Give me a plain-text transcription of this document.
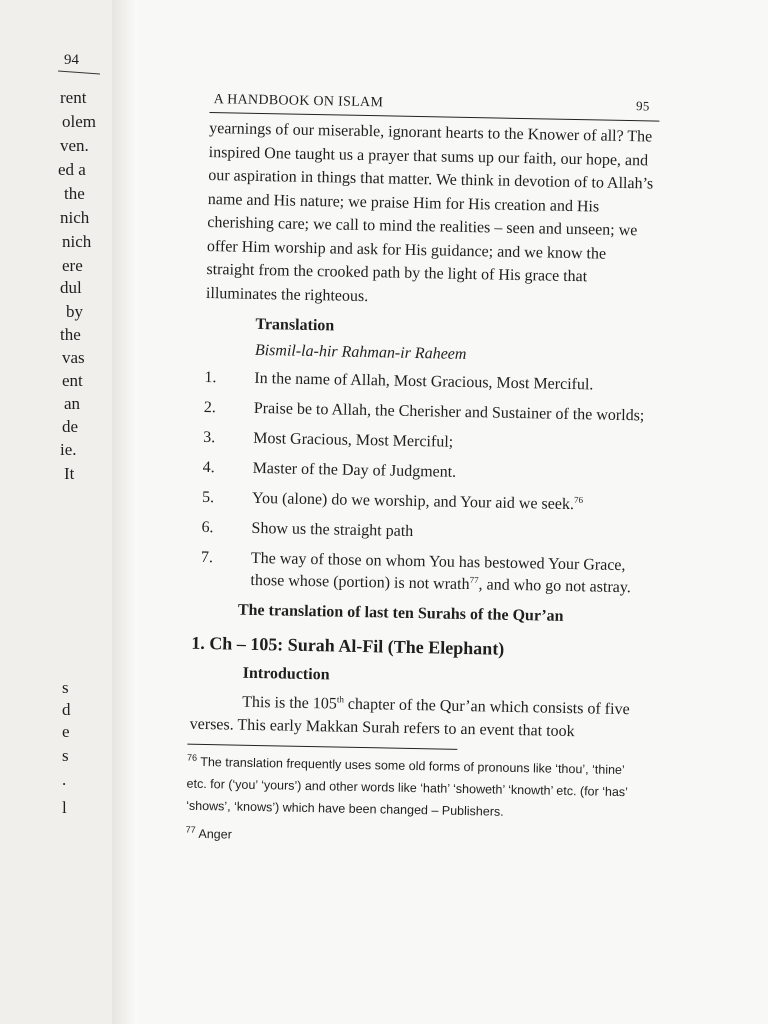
94
rent
olem
ven.
ed a
the
nich
nich
ere
dul
by
the
vas
ent
an
de
ie.
It
s
d
e
s
.
l
A HANDBOOK ON ISLAM	95

yearnings of our miserable, ignorant hearts to the Knower of all? The inspired One taught us a prayer that sums up our faith, our hope, and our aspiration in things that matter. We think in devotion of to Allah’s name and His nature; we praise Him for His creation and His cherishing care; we call to mind the realities – seen and unseen; we offer Him worship and ask for His guidance; and we know the straight from the crooked path by the light of His grace that illuminates the righteous.

Translation
Bismil-la-hir Rahman-ir Raheem
1.	In the name of Allah, Most Gracious, Most Merciful.
2.	Praise be to Allah, the Cherisher and Sustainer of the worlds;
3.	Most Gracious, Most Merciful;
4.	Master of the Day of Judgment.
5.	You (alone) do we worship, and Your aid we seek.$^{76}$
6.	Show us the straight path
7.	The way of those on whom You has bestowed Your Grace, those whose (portion) is not wrath$^{77}$, and who go not astray.
The translation of last ten Surahs of the Qur’an
1. Ch – 105: Surah Al-Fil (The Elephant)
Introduction

This is the 105th chapter of the Qur’an which consists of five verses. This early Makkan Surah refers to an event that took

$^{76}$ The translation frequently uses some old forms of pronouns like ‘thou’, ‘thine’ etc. for (‘you’ ‘yours’) and other words like ‘hath’ ‘showeth’ ‘knowth’ etc. (for ‘has’ ‘shows’, ‘knows’) which have been changed – Publishers.
$^{77}$ Anger
